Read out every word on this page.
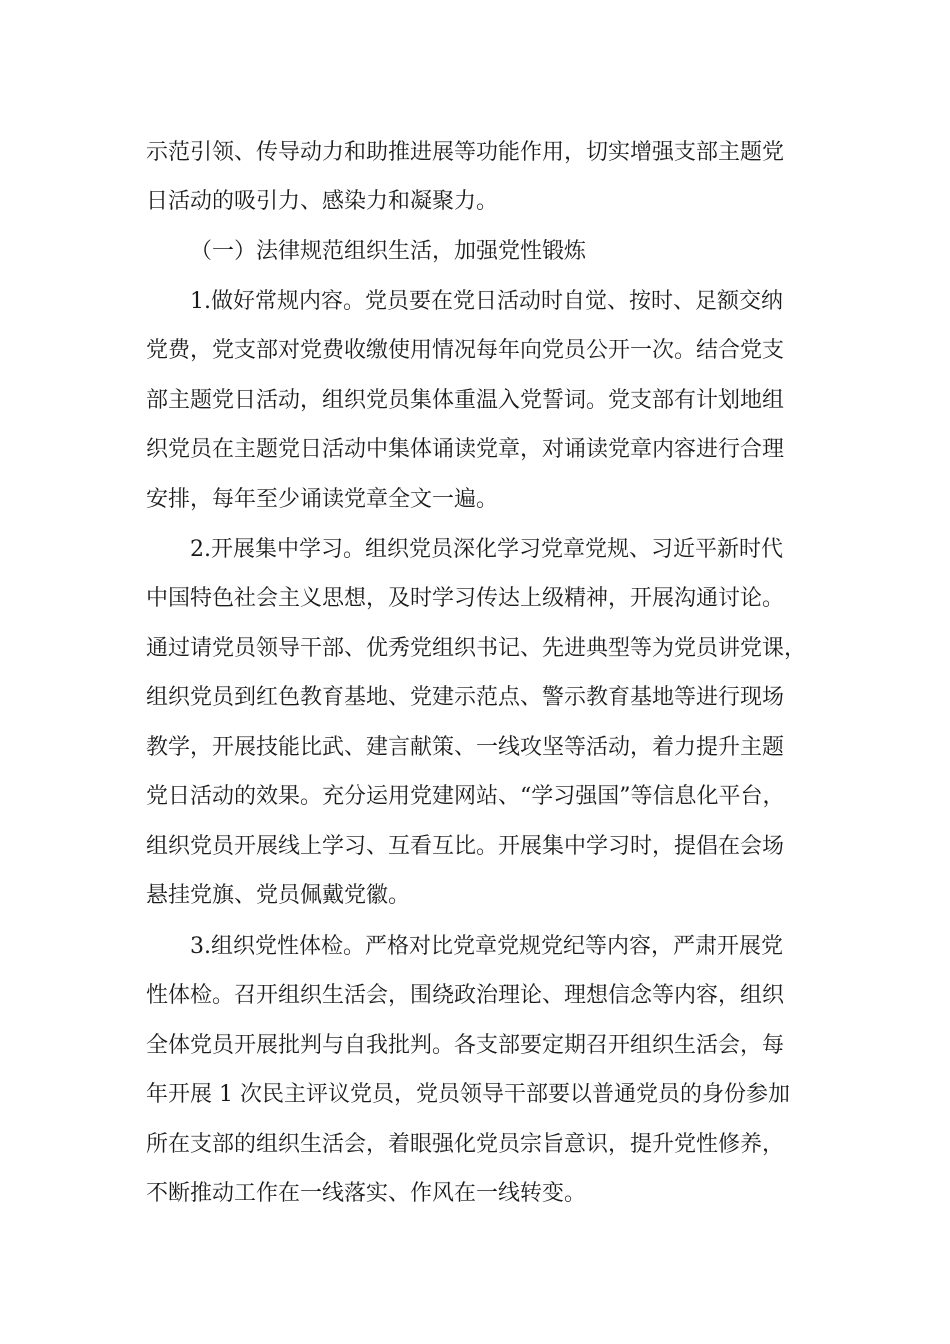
示范引领、传导动力和助推进展等功能作用，切实增强支部主题党
日活动的吸引力、感染力和凝聚力。
（一）法律规范组织生活，加强党性锻炼
1.做好常规内容。党员要在党日活动时自觉、按时、足额交纳
党费，党支部对党费收缴使用情况每年向党员公开一次。结合党支
部主题党日活动，组织党员集体重温入党誓词。党支部有计划地组
织党员在主题党日活动中集体诵读党章，对诵读党章内容进行合理
安排，每年至少诵读党章全文一遍。
2.开展集中学习。组织党员深化学习党章党规、习近平新时代
中国特色社会主义思想，及时学习传达上级精神，开展沟通讨论。
通过请党员领导干部、优秀党组织书记、先进典型等为党员讲党课，
组织党员到红色教育基地、党建示范点、警示教育基地等进行现场
教学，开展技能比武、建言献策、一线攻坚等活动，着力提升主题
党日活动的效果。充分运用党建网站、“学习强国”等信息化平台，
组织党员开展线上学习、互看互比。开展集中学习时，提倡在会场
悬挂党旗、党员佩戴党徽。
3.组织党性体检。严格对比党章党规党纪等内容，严肃开展党
性体检。召开组织生活会，围绕政治理论、理想信念等内容，组织
全体党员开展批判与自我批判。各支部要定期召开组织生活会，每
年开展 1 次民主评议党员，党员领导干部要以普通党员的身份参加
所在支部的组织生活会，着眼强化党员宗旨意识，提升党性修养，
不断推动工作在一线落实、作风在一线转变。
